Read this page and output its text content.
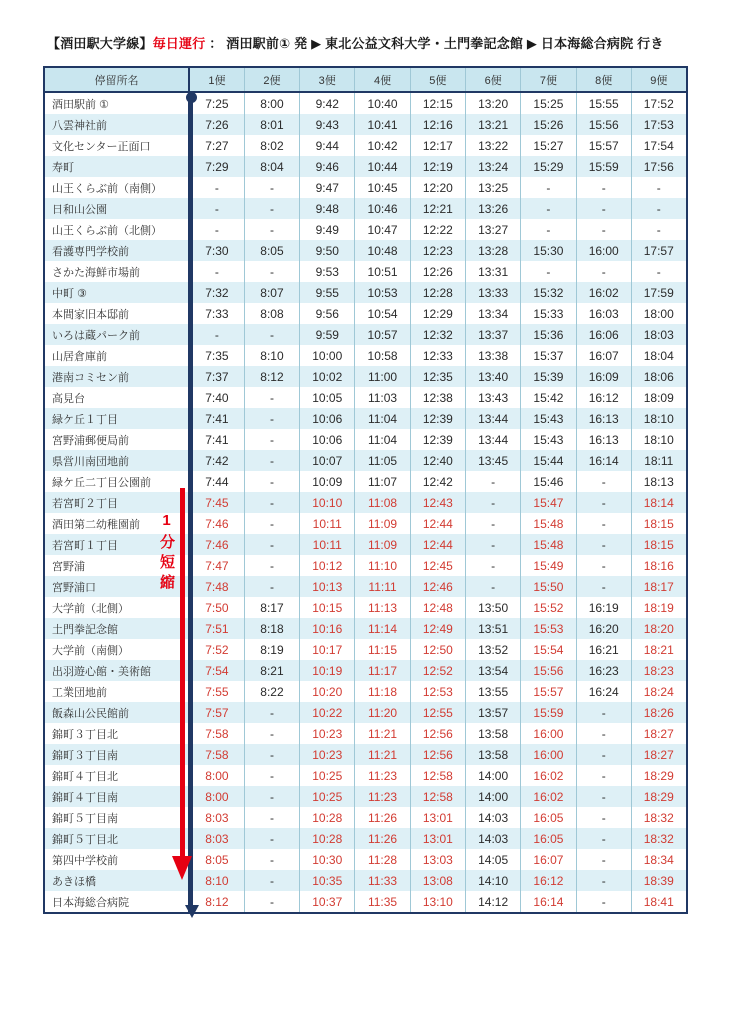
【酒田駅大学線】毎日運行 ： 酒田駅前① 発 ▶ 東北公益文科大学・土門拳記念館 ▶ 日本海総合病院 行き
停留所名	1便	2便	3便	4便	5便	6便	7便	8便	9便
酒田駅前 ①	7:25	8:00	9:42	10:40	12:15	13:20	15:25	15:55	17:52
八雲神社前	7:26	8:01	9:43	10:41	12:16	13:21	15:26	15:56	17:53
文化センター正面口	7:27	8:02	9:44	10:42	12:17	13:22	15:27	15:57	17:54
寿町	7:29	8:04	9:46	10:44	12:19	13:24	15:29	15:59	17:56
山王くらぶ前（南側）	-	-	9:47	10:45	12:20	13:25	-	-	-
日和山公園	-	-	9:48	10:46	12:21	13:26	-	-	-
山王くらぶ前（北側）	-	-	9:49	10:47	12:22	13:27	-	-	-
看護専門学校前	7:30	8:05	9:50	10:48	12:23	13:28	15:30	16:00	17:57
さかた海鮮市場前	-	-	9:53	10:51	12:26	13:31	-	-	-
中町 ③	7:32	8:07	9:55	10:53	12:28	13:33	15:32	16:02	17:59
本間家旧本邸前	7:33	8:08	9:56	10:54	12:29	13:34	15:33	16:03	18:00
いろは蔵パーク前	-	-	9:59	10:57	12:32	13:37	15:36	16:06	18:03
山居倉庫前	7:35	8:10	10:00	10:58	12:33	13:38	15:37	16:07	18:04
港南コミセン前	7:37	8:12	10:02	11:00	12:35	13:40	15:39	16:09	18:06
高見台	7:40	-	10:05	11:03	12:38	13:43	15:42	16:12	18:09
緑ケ丘１丁目	7:41	-	10:06	11:04	12:39	13:44	15:43	16:13	18:10
宮野浦郵便局前	7:41	-	10:06	11:04	12:39	13:44	15:43	16:13	18:10
県営川南団地前	7:42	-	10:07	11:05	12:40	13:45	15:44	16:14	18:11
緑ケ丘二丁目公園前	7:44	-	10:09	11:07	12:42	-	15:46	-	18:13
若宮町２丁目	7:45	-	10:10	11:08	12:43	-	15:47	-	18:14
酒田第二幼稚園前	7:46	-	10:11	11:09	12:44	-	15:48	-	18:15
若宮町１丁目	7:46	-	10:11	11:09	12:44	-	15:48	-	18:15
宮野浦	7:47	-	10:12	11:10	12:45	-	15:49	-	18:16
宮野浦口	7:48	-	10:13	11:11	12:46	-	15:50	-	18:17
大学前（北側）	7:50	8:17	10:15	11:13	12:48	13:50	15:52	16:19	18:19
土門拳記念館	7:51	8:18	10:16	11:14	12:49	13:51	15:53	16:20	18:20
大学前（南側）	7:52	8:19	10:17	11:15	12:50	13:52	15:54	16:21	18:21
出羽遊心館・美術館	7:54	8:21	10:19	11:17	12:52	13:54	15:56	16:23	18:23
工業団地前	7:55	8:22	10:20	11:18	12:53	13:55	15:57	16:24	18:24
飯森山公民館前	7:57	-	10:22	11:20	12:55	13:57	15:59	-	18:26
錦町３丁目北	7:58	-	10:23	11:21	12:56	13:58	16:00	-	18:27
錦町３丁目南	7:58	-	10:23	11:21	12:56	13:58	16:00	-	18:27
錦町４丁目北	8:00	-	10:25	11:23	12:58	14:00	16:02	-	18:29
錦町４丁目南	8:00	-	10:25	11:23	12:58	14:00	16:02	-	18:29
錦町５丁目南	8:03	-	10:28	11:26	13:01	14:03	16:05	-	18:32
錦町５丁目北	8:03	-	10:28	11:26	13:01	14:03	16:05	-	18:32
第四中学校前	8:05	-	10:30	11:28	13:03	14:05	16:07	-	18:34
あきほ橋	8:10	-	10:35	11:33	13:08	14:10	16:12	-	18:39
日本海総合病院	8:12	-	10:37	11:35	13:10	14:12	16:14	-	18:41
1分短縮
